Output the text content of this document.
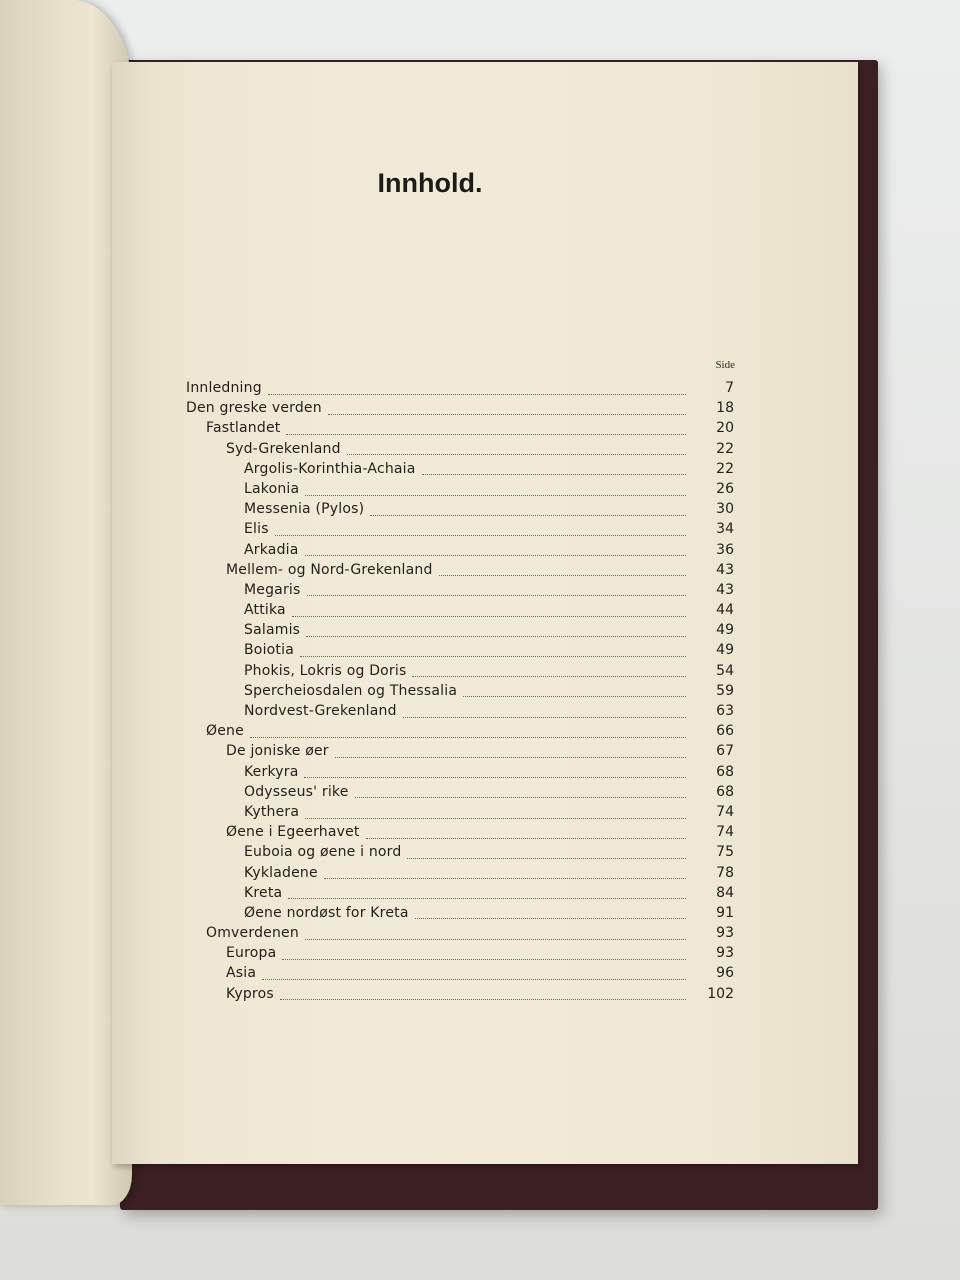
Innhold.
Side
Innledning	7
Den greske verden	18
Fastlandet	20
Syd-Grekenland	22
Argolis-Korinthia-Achaia	22
Lakonia	26
Messenia (Pylos)	30
Elis	34
Arkadia	36
Mellem- og Nord-Grekenland	43
Megaris	43
Attika	44
Salamis	49
Boiotia	49
Phokis, Lokris og Doris	54
Spercheiosdalen og Thessalia	59
Nordvest-Grekenland	63
Øene	66
De joniske øer	67
Kerkyra	68
Odysseus' rike	68
Kythera	74
Øene i Egeerhavet	74
Euboia og øene i nord	75
Kykladene	78
Kreta	84
Øene nordøst for Kreta	91
Omverdenen	93
Europa	93
Asia	96
Kypros	102
